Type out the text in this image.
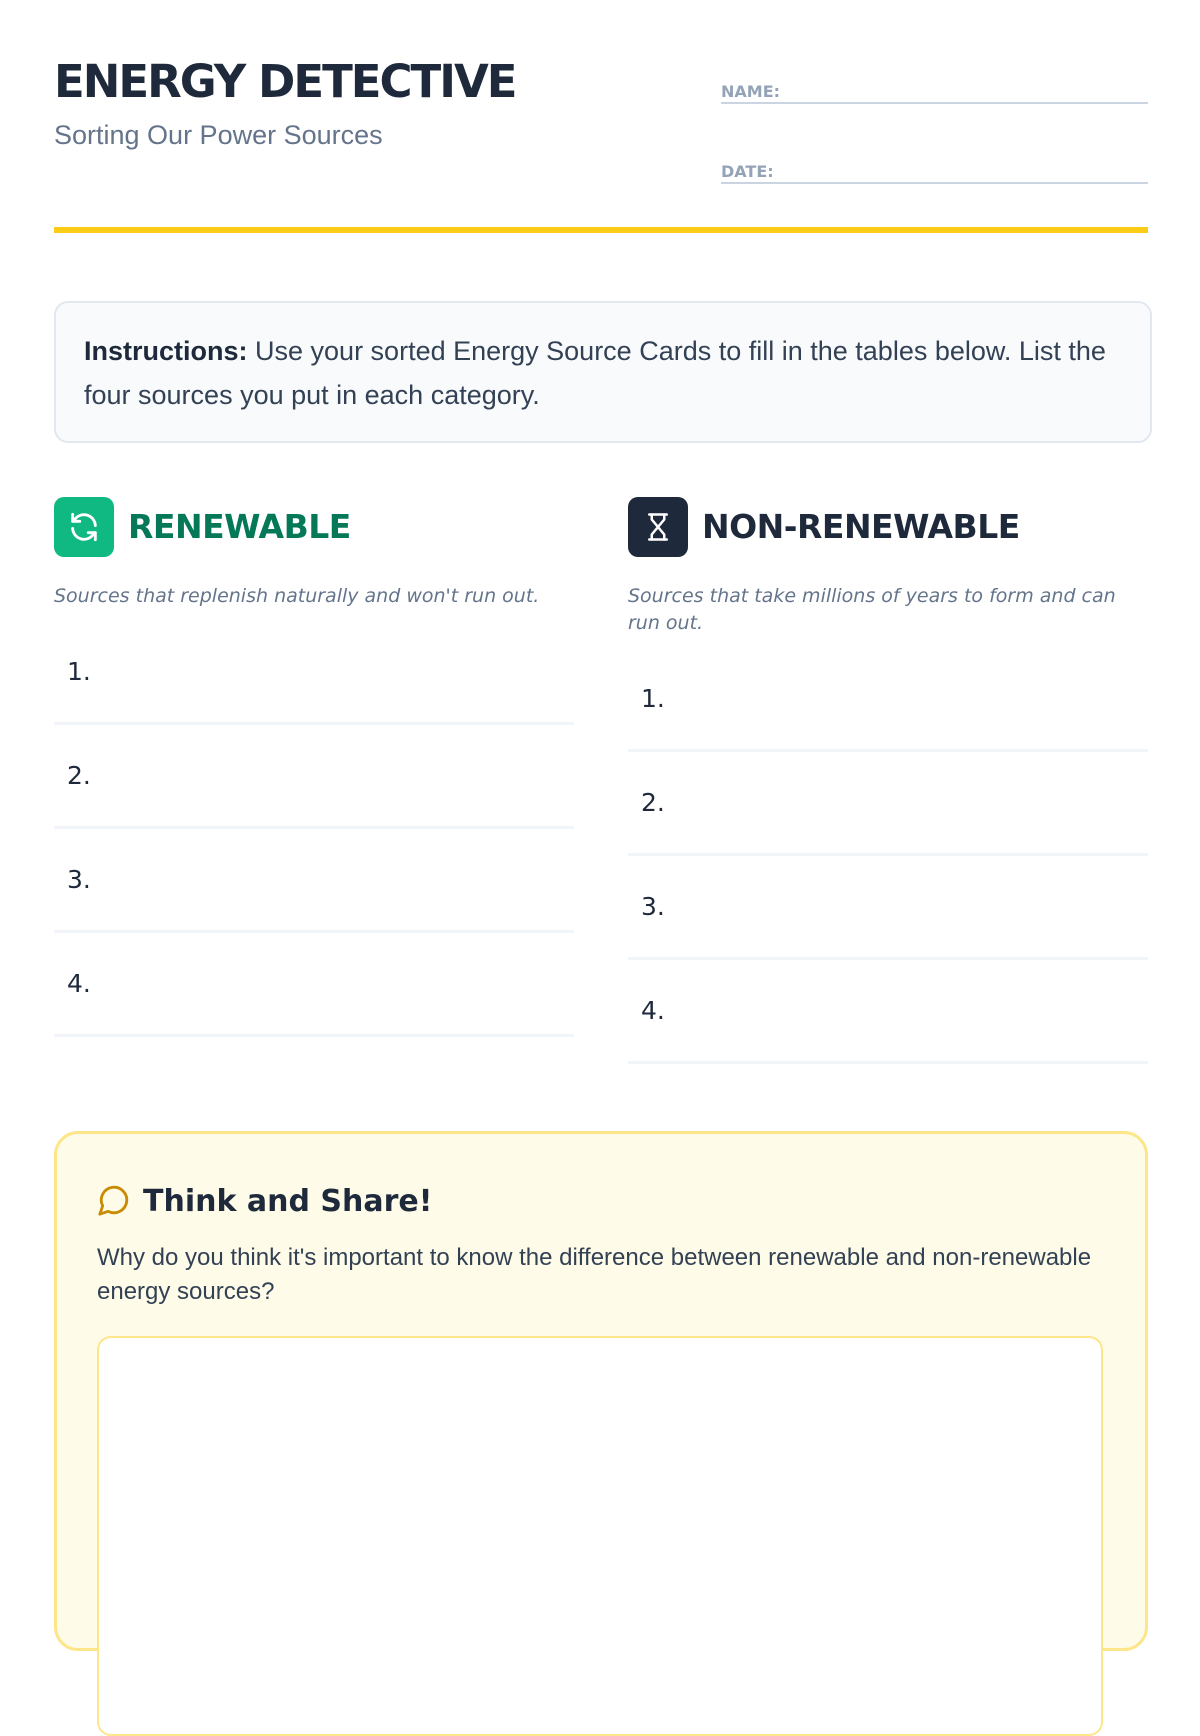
ENERGY DETECTIVE
Sorting Our Power Sources
NAME:
DATE:
Instructions: Use your sorted Energy Source Cards to fill in the tables below. List the four sources you put in each category.
RENEWABLE
Sources that replenish naturally and won't run out.
1.
2.
3.
4.
NON-RENEWABLE
Sources that take millions of years to form and can run out.
1.
2.
3.
4.
Think and Share!
Why do you think it's important to know the difference between renewable and non-renewable energy sources?
